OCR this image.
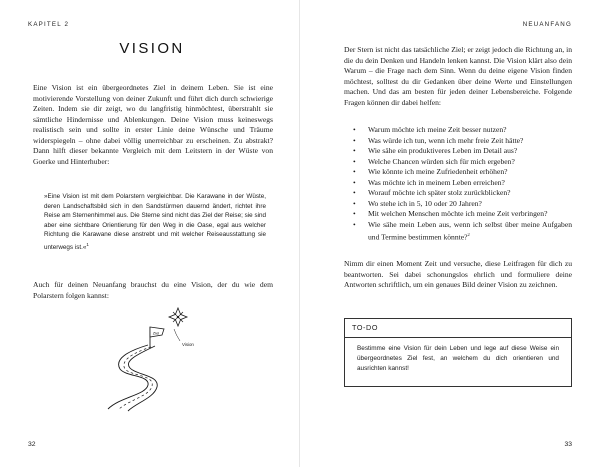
KAPITEL 2
VISION

Eine Vision ist ein übergeordnetes Ziel in deinem Leben. Sie ist eine motivierende Vorstellung von deiner Zukunft und führt dich durch schwierige Zeiten. Indem sie dir zeigt, wo du langfristig hinmöchtest, überstrahlt sie sämtliche Hindernisse und Ablenkungen. Deine Vision muss keineswegs realistisch sein und sollte in erster Linie deine Wünsche und Träume widerspiegeln – ohne dabei völlig unerreichbar zu erscheinen. Zu abstrakt? Dann hilft dieser bekannte Vergleich mit dem Leitstern in der Wüste von Goerke und Hinterhuber:

»Eine Vision ist mit dem Polarstern vergleichbar. Die Karawane in der Wüste, deren Landschaftsbild sich in den Sandstürmen dauernd ändert, richtet ihre Reise am Sternenhimmel aus. Die Sterne sind nicht das Ziel der Reise; sie sind aber eine sichtbare Orientierung für den Weg in die Oase, egal aus welcher Richtung die Karawane diese anstrebt und mit welcher Reiseausstattung sie unterwegs ist.«$^1$

Auch für deinen Neuanfang brauchst du eine Vision, der du wie dem Polarstern folgen kannst:

Ziel
Vision
32
NEUANFANG

Der Stern ist nicht das tatsächliche Ziel; er zeigt jedoch die Richtung an, in die du dein Denken und Handeln lenken kannst. Die Vision klärt also dein Warum – die Frage nach dem Sinn. Wenn du deine eigene Vision finden möchtest, solltest du dir Gedanken über deine Werte und Einstellungen machen. Und das am besten für jeden deiner Lebensbereiche. Folgende Fragen können dir dabei helfen:

• Warum möchte ich meine Zeit besser nutzen?
• Was würde ich tun, wenn ich mehr freie Zeit hätte?
• Wie sähe ein produktiveres Leben im Detail aus?
• Welche Chancen würden sich für mich ergeben?
• Wie könnte ich meine Zufriedenheit erhöhen?
• Was möchte ich in meinem Leben erreichen?
• Worauf möchte ich später stolz zurückblicken?
• Wo stehe ich in 5, 10 oder 20 Jahren?
• Mit welchen Menschen möchte ich meine Zeit verbringen?
• Wie sähe mein Leben aus, wenn ich selbst über meine Aufgaben und Termine bestimmen könnte?$^2$

Nimm dir einen Moment Zeit und versuche, diese Leitfragen für dich zu beantworten. Sei dabei schonungslos ehrlich und formuliere deine Antworten schriftlich, um ein genaues Bild deiner Vision zu zeichnen.

TO-DO
Bestimme eine Vision für dein Leben und lege auf diese Weise ein übergeordnetes Ziel fest, an welchem du dich orientieren und ausrichten kannst!
33
